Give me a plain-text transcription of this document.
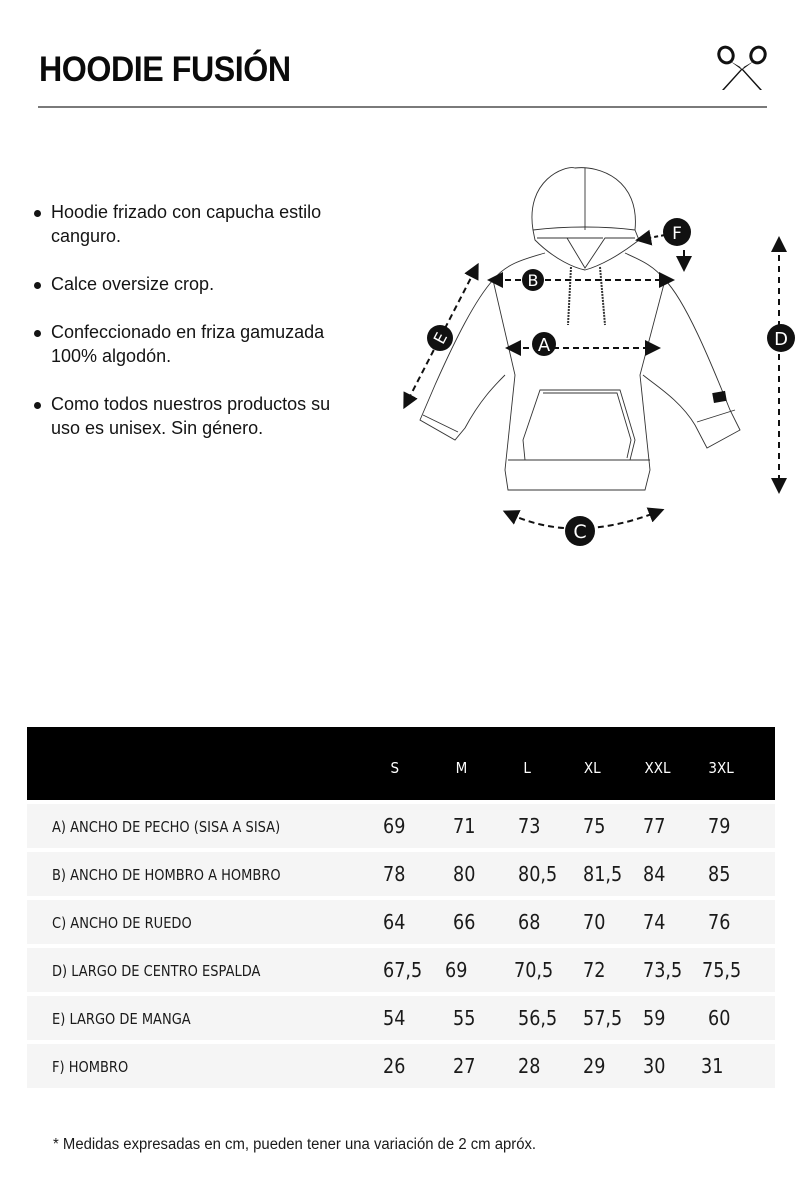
HOODIE FUSIÓN
Hoodie frizado con capucha estilo canguro.
Calce oversize crop.
Confeccionado en friza gamuzada 100% algodón.
Como todos nuestros productos su uso es unisex. Sin género.
A
B
C
D
E
F
S	M	L	XL	XXL	3XL
A) ANCHO DE PECHO (SISA A SISA)	69 71 73 75 77 79
B) ANCHO DE HOMBRO A HOMBRO	78 80 80,5 81,5 84 85
C) ANCHO DE RUEDO	64 66 68 70 74 76
D) LARGO DE CENTRO ESPALDA	67,5 69 70,5 72 73,5 75,5
E) LARGO DE MANGA	54 55 56,5 57,5 59 60
F) HOMBRO	26 27 28 29 30 31
* Medidas expresadas en cm, pueden tener una variación de 2 cm apróx.
